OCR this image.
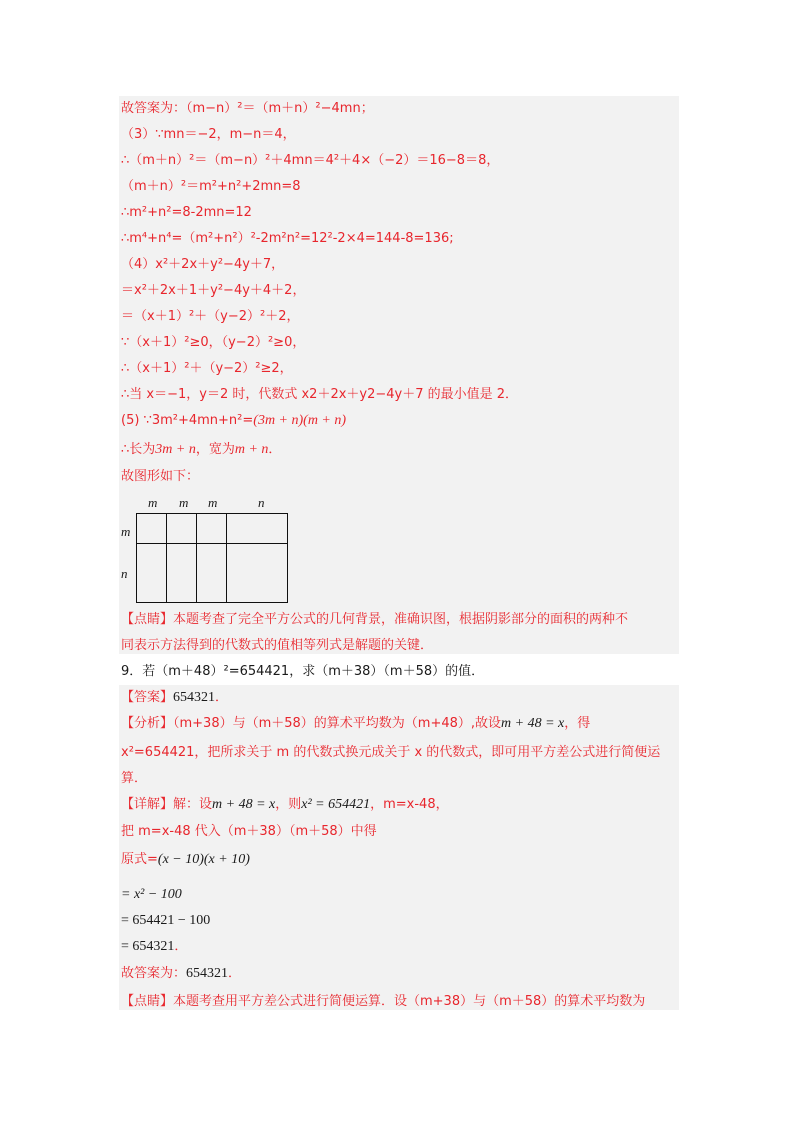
故答案为：（m−n）²＝（m＋n）²−4mn；
（3）∵mn＝−2，m−n＝4，
∴（m＋n）²＝（m−n）²＋4mn＝4²＋4×（−2）＝16−8＝8，
（m＋n）²＝m²+n²+2mn=8
∴m²+n²=8-2mn=12
∴m⁴+n⁴=（m²+n²）²-2m²n²=12²-2×4=144-8=136;
（4）x²＋2x＋y²−4y＋7，
＝x²＋2x＋1＋y²−4y＋4＋2，
＝（x＋1）²＋（y−2）²＋2，
∵（x＋1）²≥0，（y−2）²≥0，
∴（x＋1）²＋（y−2）²≥2，
∴当 x＝−1，y＝2 时，代数式 x2＋2x＋y2−4y＋7 的最小值是 2．
(5) ∵3m²+4mn+n²=(3m + n)(m + n)
∴长为3m + n，宽为m + n．
故图形如下：
m m m	n
m
n
【点睛】本题考查了完全平方公式的几何背景，准确识图，根据阴影部分的面积的两种不
同表示方法得到的代数式的值相等列式是解题的关键．
9．若（m＋48）²=654421，求（m＋38）（m＋58）的值．
【答案】654321．
【分析】（m+38）与（m＋58）的算术平均数为（m+48）,故设m + 48 = x，得
x²=654421，把所求关于 m 的代数式换元成关于 x 的代数式，即可用平方差公式进行简便运
算．
【详解】解：设m + 48 = x，则x² = 654421，m=x-48，
把 m=x-48 代入（m＋38）（m＋58）中得
原式=(x − 10)(x + 10)
= x² − 100
= 654421 − 100
= 654321．
故答案为：654321．
【点睛】本题考查用平方差公式进行简便运算．设（m+38）与（m＋58）的算术平均数为
